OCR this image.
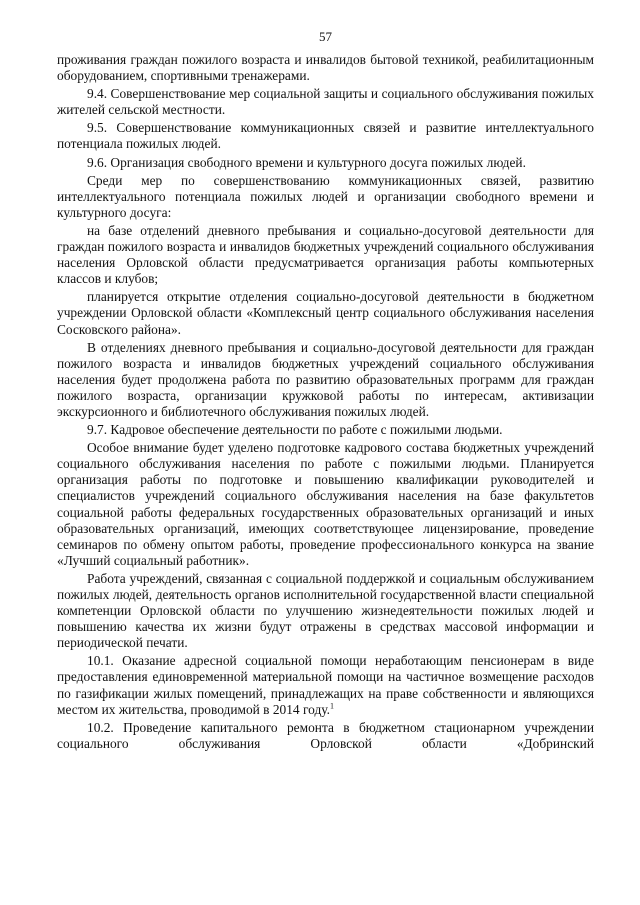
57
проживания граждан пожилого возраста и инвалидов бытовой техникой, реабилитационным оборудованием, спортивными тренажерами.
9.4. Совершенствование мер социальной защиты и социального обслуживания пожилых жителей сельской местности.
9.5. Совершенствование коммуникационных связей и развитие интеллектуального потенциала пожилых людей.
9.6. Организация свободного времени и культурного досуга пожилых людей.
Среди мер по совершенствованию коммуникационных связей, развитию интеллектуального потенциала пожилых людей и организации свободного времени и культурного досуга:
на базе отделений дневного пребывания и социально-досуговой деятельности для граждан пожилого возраста и инвалидов бюджетных учреждений социального обслуживания населения Орловской области предусматривается организация работы компьютерных классов и клубов;
планируется открытие отделения социально-досуговой деятельности в бюджетном учреждении Орловской области «Комплексный центр социального обслуживания населения Сосковского района».
В отделениях дневного пребывания и социально-досуговой деятельности для граждан пожилого возраста и инвалидов бюджетных учреждений социального обслуживания населения будет продолжена работа по развитию образовательных программ для граждан пожилого возраста, организации кружковой работы по интересам, активизации экскурсионного и библиотечного обслуживания пожилых людей.
9.7. Кадровое обеспечение деятельности по работе с пожилыми людьми.
Особое внимание будет уделено подготовке кадрового состава бюджетных учреждений социального обслуживания населения по работе с пожилыми людьми. Планируется организация работы по подготовке и повышению квалификации руководителей и специалистов учреждений социального обслуживания населения на базе факультетов социальной работы федеральных государственных образовательных организаций и иных образовательных организаций, имеющих соответствующее лицензирование, проведение семинаров по обмену опытом работы, проведение профессионального конкурса на звание «Лучший социальный работник».
Работа учреждений, связанная с социальной поддержкой и социальным обслуживанием пожилых людей, деятельность органов исполнительной государственной власти специальной компетенции Орловской области по улучшению жизнедеятельности пожилых людей и повышению качества их жизни будут отражены в средствах массовой информации и периодической печати.
10.1. Оказание адресной социальной помощи неработающим пенсионерам в виде предоставления единовременной материальной помощи на частичное возмещение расходов по газификации жилых помещений, принадлежащих на праве собственности и являющихся местом их жительства, проводимой в 2014 году.$^1$
10.2. Проведение капитального ремонта в бюджетном стационарном учреждении социального обслуживания Орловской области «Добринский
